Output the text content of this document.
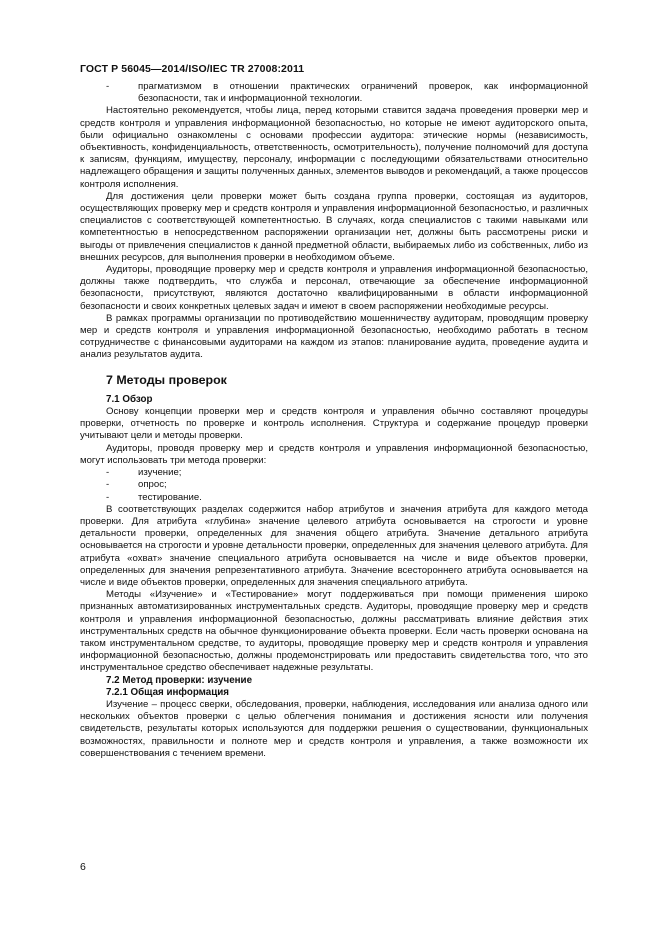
ГОСТ Р 56045—2014/ISO/IEC TR 27008:2011
-	прагматизмом в отношении практических ограничений проверок, как информационной безопасности, так и информационной технологии.

Настоятельно рекомендуется, чтобы лица, перед которыми ставится задача проведения проверки мер и средств контроля и управления информационной безопасностью, но которые не имеют аудиторского опыта, были официально ознакомлены с основами профессии аудитора: этические нормы (независимость, объективность, конфиденциальность, ответственность, осмотрительность), получение полномочий для доступа к записям, функциям, имуществу, персоналу, информации с последующими обязательствами относительно надлежащего обращения и защиты полученных данных, элементов выводов и рекомендаций, а также процессов контроля исполнения.

Для достижения цели проверки может быть создана группа проверки, состоящая из аудиторов, осуществляющих проверку мер и средств контроля и управления информационной безопасностью, и различных специалистов с соответствующей компетентностью. В случаях, когда специалистов с такими навыками или компетентностью в непосредственном распоряжении организации нет, должны быть рассмотрены риски и выгоды от привлечения специалистов к данной предметной области, выбираемых либо из собственных, либо из внешних ресурсов, для выполнения проверки в необходимом объеме.

Аудиторы, проводящие проверку мер и средств контроля и управления информационной безопасностью, должны также подтвердить, что служба и персонал, отвечающие за обеспечение информационной безопасности, присутствуют, являются достаточно квалифицированными в области информационной безопасности и своих конкретных целевых задач и имеют в своем распоряжении необходимые ресурсы.

В рамках программы организации по противодействию мошенничеству аудиторам, проводящим проверку мер и средств контроля и управления информационной безопасностью, необходимо работать в тесном сотрудничестве с финансовыми аудиторами на каждом из этапов: планирование аудита, проведение аудита и анализ результатов аудита.

7 Методы проверок
7.1 Обзор

Основу концепции проверки мер и средств контроля и управления обычно составляют процедуры проверки, отчетность по проверке и контроль исполнения. Структура и содержание процедур проверки учитывают цели и методы проверки.

Аудиторы, проводя проверку мер и средств контроля и управления информационной безопасностью, могут использовать три метода проверки:

-	изучение;
-	опрос;
-	тестирование.

В соответствующих разделах содержится набор атрибутов и значения атрибута для каждого метода проверки. Для атрибута «глубина» значение целевого атрибута основывается на строгости и уровне детальности проверки, определенных для значения общего атрибута. Значение детального атрибута основывается на строгости и уровне детальности проверки, определенных для значения целевого атрибута. Для атрибута «охват» значение специального атрибута основывается на числе и виде объектов проверки, определенных для значения репрезентативного атрибута. Значение всестороннего атрибута основывается на числе и виде объектов проверки, определенных для значения специального атрибута.

Методы «Изучение» и «Тестирование» могут поддерживаться при помощи применения широко признанных автоматизированных инструментальных средств. Аудиторы, проводящие проверку мер и средств контроля и управления информационной безопасностью, должны рассматривать влияние действия этих инструментальных средств на обычное функционирование объекта проверки. Если часть проверки основана на таком инструментальном средстве, то аудиторы, проводящие проверку мер и средств контроля и управления информационной безопасностью, должны продемонстрировать или предоставить свидетельства того, что это инструментальное средство обеспечивает надежные результаты.

7.2 Метод проверки: изучение
7.2.1 Общая информация

Изучение – процесс сверки, обследования, проверки, наблюдения, исследования или анализа одного или нескольких объектов проверки с целью облегчения понимания и достижения ясности или получения свидетельств, результаты которых используются для поддержки решения о существовании, функциональных возможностях, правильности и полноте мер и средств контроля и управления, а также возможности их совершенствования с течением времени.

6
